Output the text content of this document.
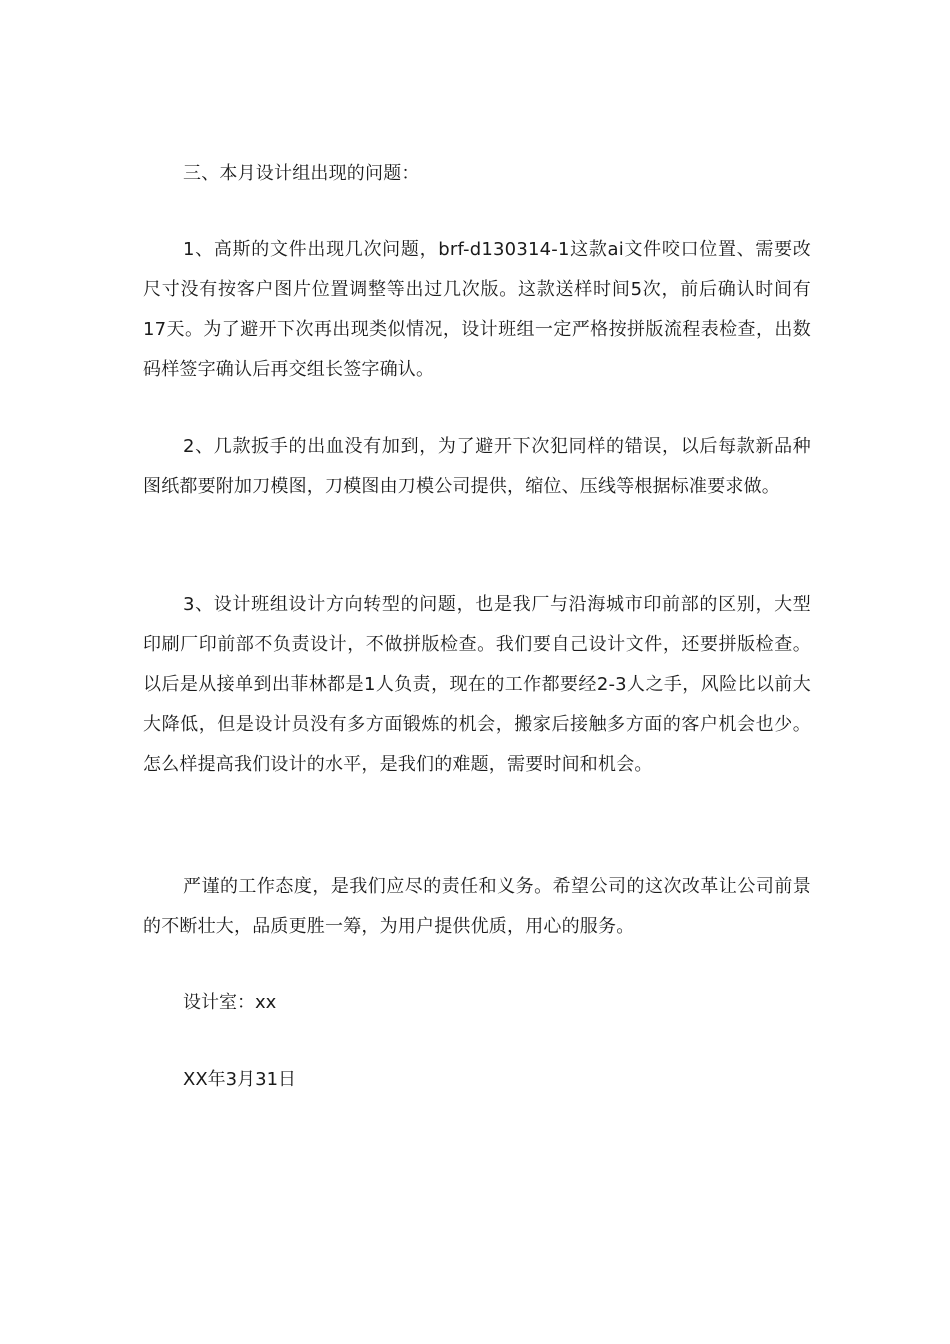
三、本月设计组出现的问题：

1、高斯的文件出现几次问题，brf-d130314-1这款ai文件咬口位置、需要改尺寸没有按客户图片位置调整等出过几次版。这款送样时间5次，前后确认时间有17天。为了避开下次再出现类似情况，设计班组一定严格按拼版流程表检查，出数码样签字确认后再交组长签字确认。

2、几款扳手的出血没有加到，为了避开下次犯同样的错误，以后每款新品种图纸都要附加刀模图，刀模图由刀模公司提供，缩位、压线等根据标准要求做。

3、设计班组设计方向转型的问题，也是我厂与沿海城市印前部的区别，大型印刷厂印前部不负责设计，不做拼版检查。我们要自己设计文件，还要拼版检查。以后是从接单到出菲林都是1人负责，现在的工作都要经2-3人之手，风险比以前大大降低，但是设计员没有多方面锻炼的机会，搬家后接触多方面的客户机会也少。怎么样提高我们设计的水平，是我们的难题，需要时间和机会。

严谨的工作态度，是我们应尽的责任和义务。希望公司的这次改革让公司前景的不断壮大，品质更胜一筹，为用户提供优质，用心的服务。

设计室：xx

XX年3月31日
